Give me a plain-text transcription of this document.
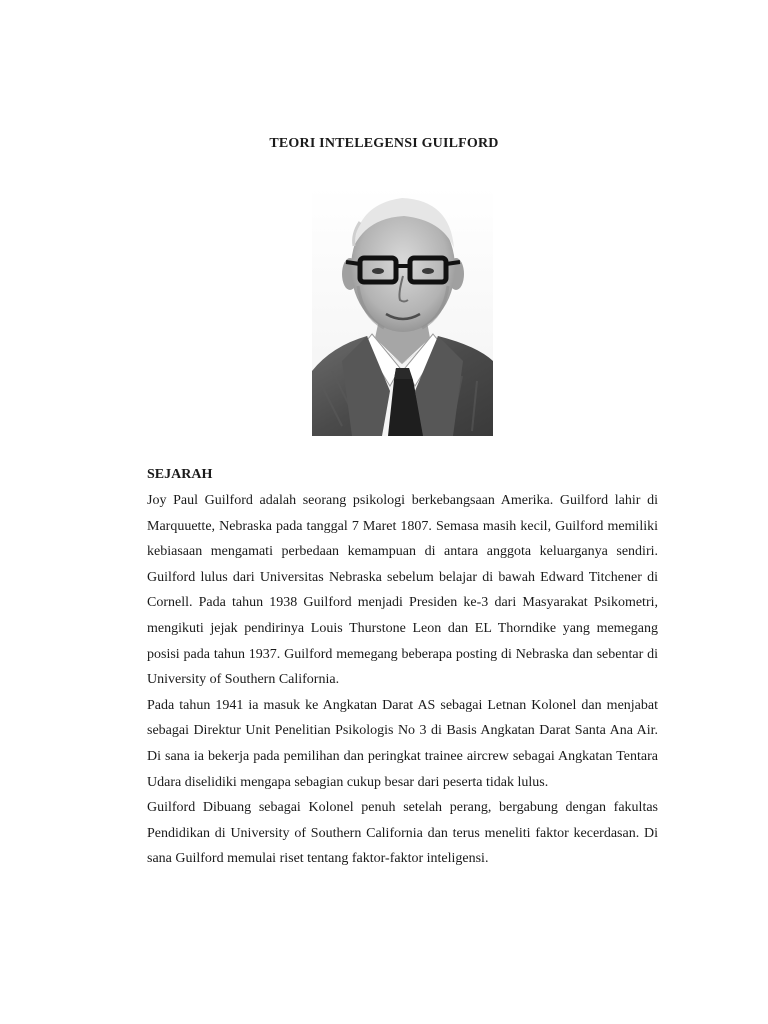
TEORI INTELEGENSI GUILFORD

SEJARAH

Joy Paul Guilford adalah seorang psikologi berkebangsaan Amerika. Guilford lahir di Marquuette, Nebraska pada tanggal 7 Maret 1807. Semasa masih kecil, Guilford memiliki kebiasaan mengamati perbedaan kemampuan di antara anggota keluarganya sendiri. Guilford lulus dari Universitas Nebraska sebelum belajar di bawah Edward Titchener di Cornell. Pada tahun 1938 Guilford menjadi Presiden ke-3 dari Masyarakat Psikometri, mengikuti jejak pendirinya Louis Thurstone Leon dan EL Thorndike yang memegang posisi pada tahun 1937. Guilford memegang beberapa posting di Nebraska dan sebentar di University of Southern California.

Pada tahun 1941 ia masuk ke Angkatan Darat AS sebagai Letnan Kolonel dan menjabat sebagai Direktur Unit Penelitian Psikologis No 3 di Basis Angkatan Darat Santa Ana Air. Di sana ia bekerja pada pemilihan dan peringkat trainee aircrew sebagai Angkatan Tentara Udara diselidiki mengapa sebagian cukup besar dari peserta tidak lulus.

Guilford Dibuang sebagai Kolonel penuh setelah perang, bergabung dengan fakultas Pendidikan di University of Southern California dan terus meneliti faktor kecerdasan. Di sana Guilford memulai riset tentang faktor-faktor inteligensi.
